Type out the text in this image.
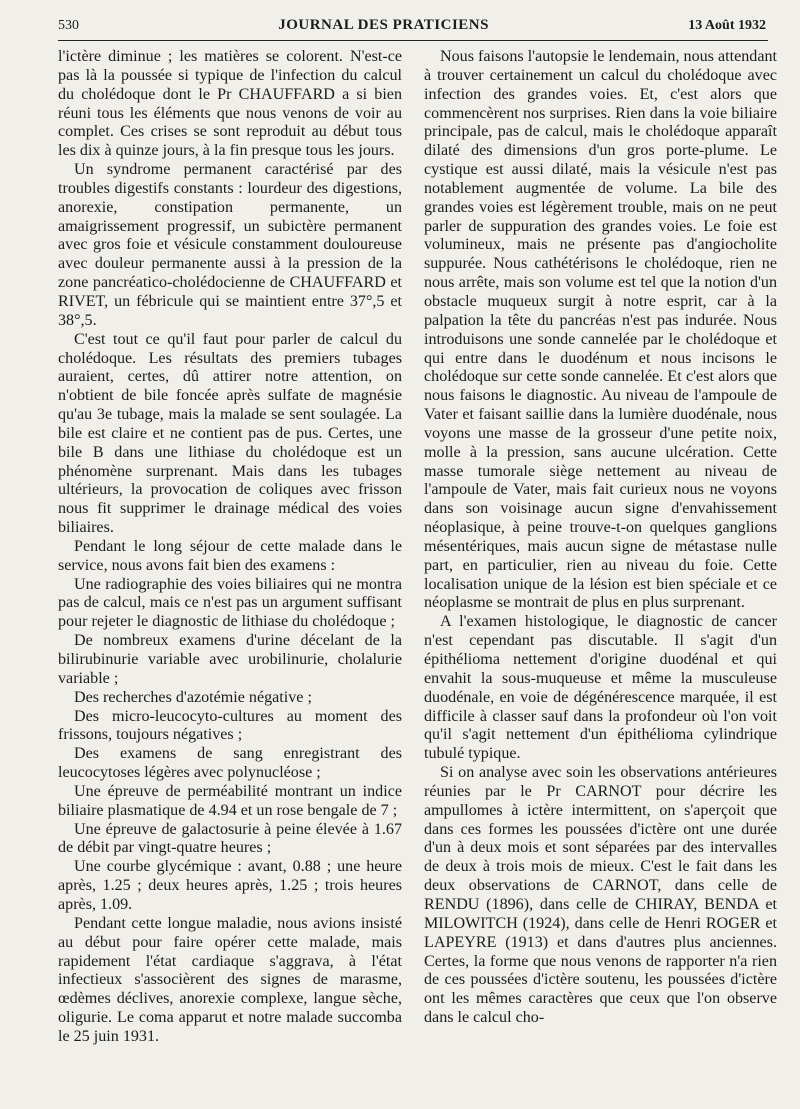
530	JOURNAL DES PRATICIENS	13 Août 1932

l'ictère diminue ; les matières se colorent. N'est-ce pas là la poussée si typique de l'infection du calcul du cholédoque dont le Pr CHAUFFARD a si bien réuni tous les éléments que nous venons de voir au complet. Ces crises se sont reproduit au début tous les dix à quinze jours, à la fin presque tous les jours.

Un syndrome permanent caractérisé par des troubles digestifs constants : lourdeur des digestions, anorexie, constipation permanente, un amaigrissement progressif, un subictère permanent avec gros foie et vésicule constamment douloureuse avec douleur permanente aussi à la pression de la zone pancréatico-cholédocienne de CHAUFFARD et RIVET, un fébricule qui se maintient entre 37°,5 et 38°,5.

C'est tout ce qu'il faut pour parler de calcul du cholédoque. Les résultats des premiers tubages auraient, certes, dû attirer notre attention, on n'obtient de bile foncée après sulfate de magnésie qu'au 3e tubage, mais la malade se sent soulagée. La bile est claire et ne contient pas de pus. Certes, une bile B dans une lithiase du cholédoque est un phénomène surprenant. Mais dans les tubages ultérieurs, la provocation de coliques avec frisson nous fit supprimer le drainage médical des voies biliaires.

Pendant le long séjour de cette malade dans le service, nous avons fait bien des examens :

Une radiographie des voies biliaires qui ne montra pas de calcul, mais ce n'est pas un argument suffisant pour rejeter le diagnostic de lithiase du cholédoque ;

De nombreux examens d'urine décelant de la bilirubinurie variable avec urobilinurie, cholalurie variable ;

Des recherches d'azotémie négative ;

Des micro-leucocyto-cultures au moment des frissons, toujours négatives ;

Des examens de sang enregistrant des leucocytoses légères avec polynucléose ;

Une épreuve de perméabilité montrant un indice biliaire plasmatique de 4.94 et un rose bengale de 7 ;

Une épreuve de galactosurie à peine élevée à 1.67 de débit par vingt-quatre heures ;

Une courbe glycémique : avant, 0.88 ; une heure après, 1.25 ; deux heures après, 1.25 ; trois heures après, 1.09.

Pendant cette longue maladie, nous avions insisté au début pour faire opérer cette malade, mais rapidement l'état cardiaque s'aggrava, à l'état infectieux s'associèrent des signes de marasme, œdèmes déclives, anorexie complexe, langue sèche, oligurie. Le coma apparut et notre malade succomba le 25 juin 1931.

Nous faisons l'autopsie le lendemain, nous attendant à trouver certainement un calcul du cholédoque avec infection des grandes voies. Et, c'est alors que commencèrent nos surprises. Rien dans la voie biliaire principale, pas de calcul, mais le cholédoque apparaît dilaté des dimensions d'un gros porte-plume. Le cystique est aussi dilaté, mais la vésicule n'est pas notablement augmentée de volume. La bile des grandes voies est légèrement trouble, mais on ne peut parler de suppuration des grandes voies. Le foie est volumineux, mais ne présente pas d'angiocholite suppurée. Nous cathétérisons le cholédoque, rien ne nous arrête, mais son volume est tel que la notion d'un obstacle muqueux surgit à notre esprit, car à la palpation la tête du pancréas n'est pas indurée. Nous introduisons une sonde cannelée par le cholédoque et qui entre dans le duodénum et nous incisons le cholédoque sur cette sonde cannelée. Et c'est alors que nous faisons le diagnostic. Au niveau de l'ampoule de Vater et faisant saillie dans la lumière duodénale, nous voyons une masse de la grosseur d'une petite noix, molle à la pression, sans aucune ulcération. Cette masse tumorale siège nettement au niveau de l'ampoule de Vater, mais fait curieux nous ne voyons dans son voisinage aucun signe d'envahissement néoplasique, à peine trouve-t-on quelques ganglions mésentériques, mais aucun signe de métastase nulle part, en particulier, rien au niveau du foie. Cette localisation unique de la lésion est bien spéciale et ce néoplasme se montrait de plus en plus surprenant.

A l'examen histologique, le diagnostic de cancer n'est cependant pas discutable. Il s'agit d'un épithélioma nettement d'origine duodénal et qui envahit la sous-muqueuse et même la musculeuse duodénale, en voie de dégénérescence marquée, il est difficile à classer sauf dans la profondeur où l'on voit qu'il s'agit nettement d'un épithélioma cylindrique tubulé typique.

Si on analyse avec soin les observations antérieures réunies par le Pr CARNOT pour décrire les ampullomes à ictère intermittent, on s'aperçoit que dans ces formes les poussées d'ictère ont une durée d'un à deux mois et sont séparées par des intervalles de deux à trois mois de mieux. C'est le fait dans les deux observations de CARNOT, dans celle de RENDU (1896), dans celle de CHIRAY, BENDA et MILOWITCH (1924), dans celle de Henri ROGER et LAPEYRE (1913) et dans d'autres plus anciennes. Certes, la forme que nous venons de rapporter n'a rien de ces poussées d'ictère soutenu, les poussées d'ictère ont les mêmes caractères que ceux que l'on observe dans le calcul cho-
